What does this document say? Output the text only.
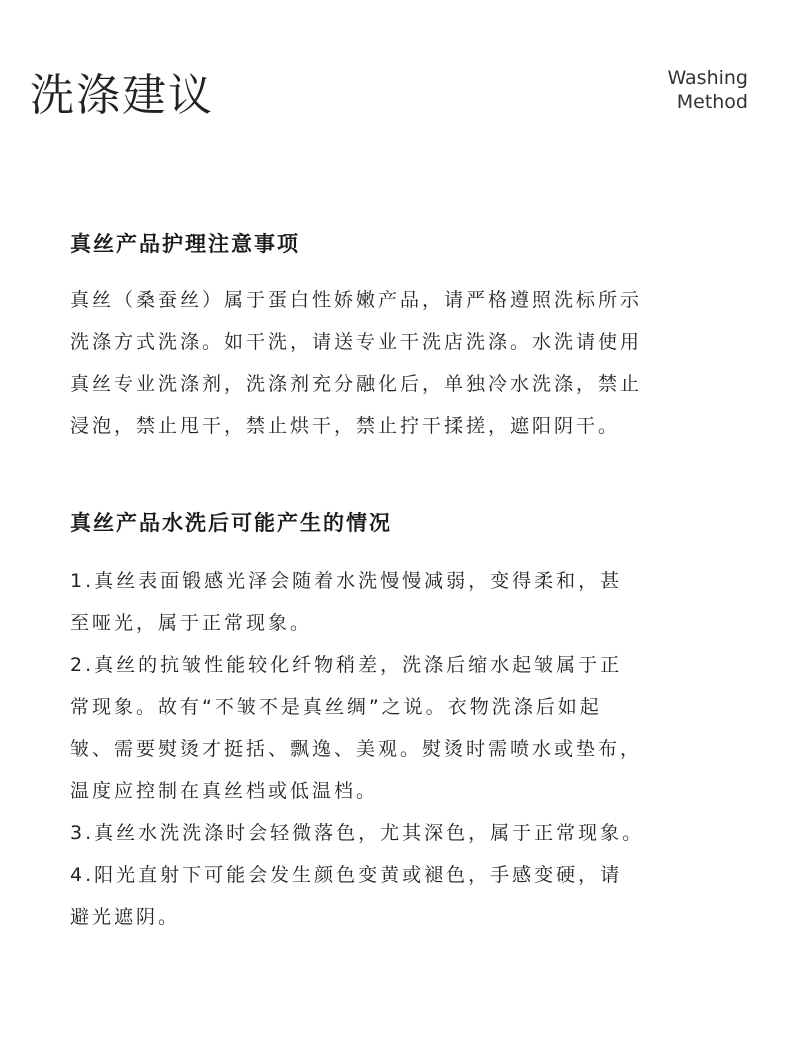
洗涤建议	Washing
Method
真丝产品护理注意事项
真丝（桑蚕丝）属于蛋白性娇嫩产品，请严格遵照洗标所示
洗涤方式洗涤。如干洗，请送专业干洗店洗涤。水洗请使用
真丝专业洗涤剂，洗涤剂充分融化后，单独冷水洗涤，禁止
浸泡，禁止甩干，禁止烘干，禁止拧干揉搓，遮阳阴干。
真丝产品水洗后可能产生的情况
1.真丝表面锻感光泽会随着水洗慢慢减弱，变得柔和，甚
至哑光，属于正常现象。
2.真丝的抗皱性能较化纤物稍差，洗涤后缩水起皱属于正
常现象。故有“不皱不是真丝绸”之说。衣物洗涤后如起
皱、需要熨烫才挺括、飘逸、美观。熨烫时需喷水或垫布，
温度应控制在真丝档或低温档。
3.真丝水洗洗涤时会轻微落色，尤其深色，属于正常现象。
4.阳光直射下可能会发生颜色变黄或褪色，手感变硬，请
避光遮阴。
